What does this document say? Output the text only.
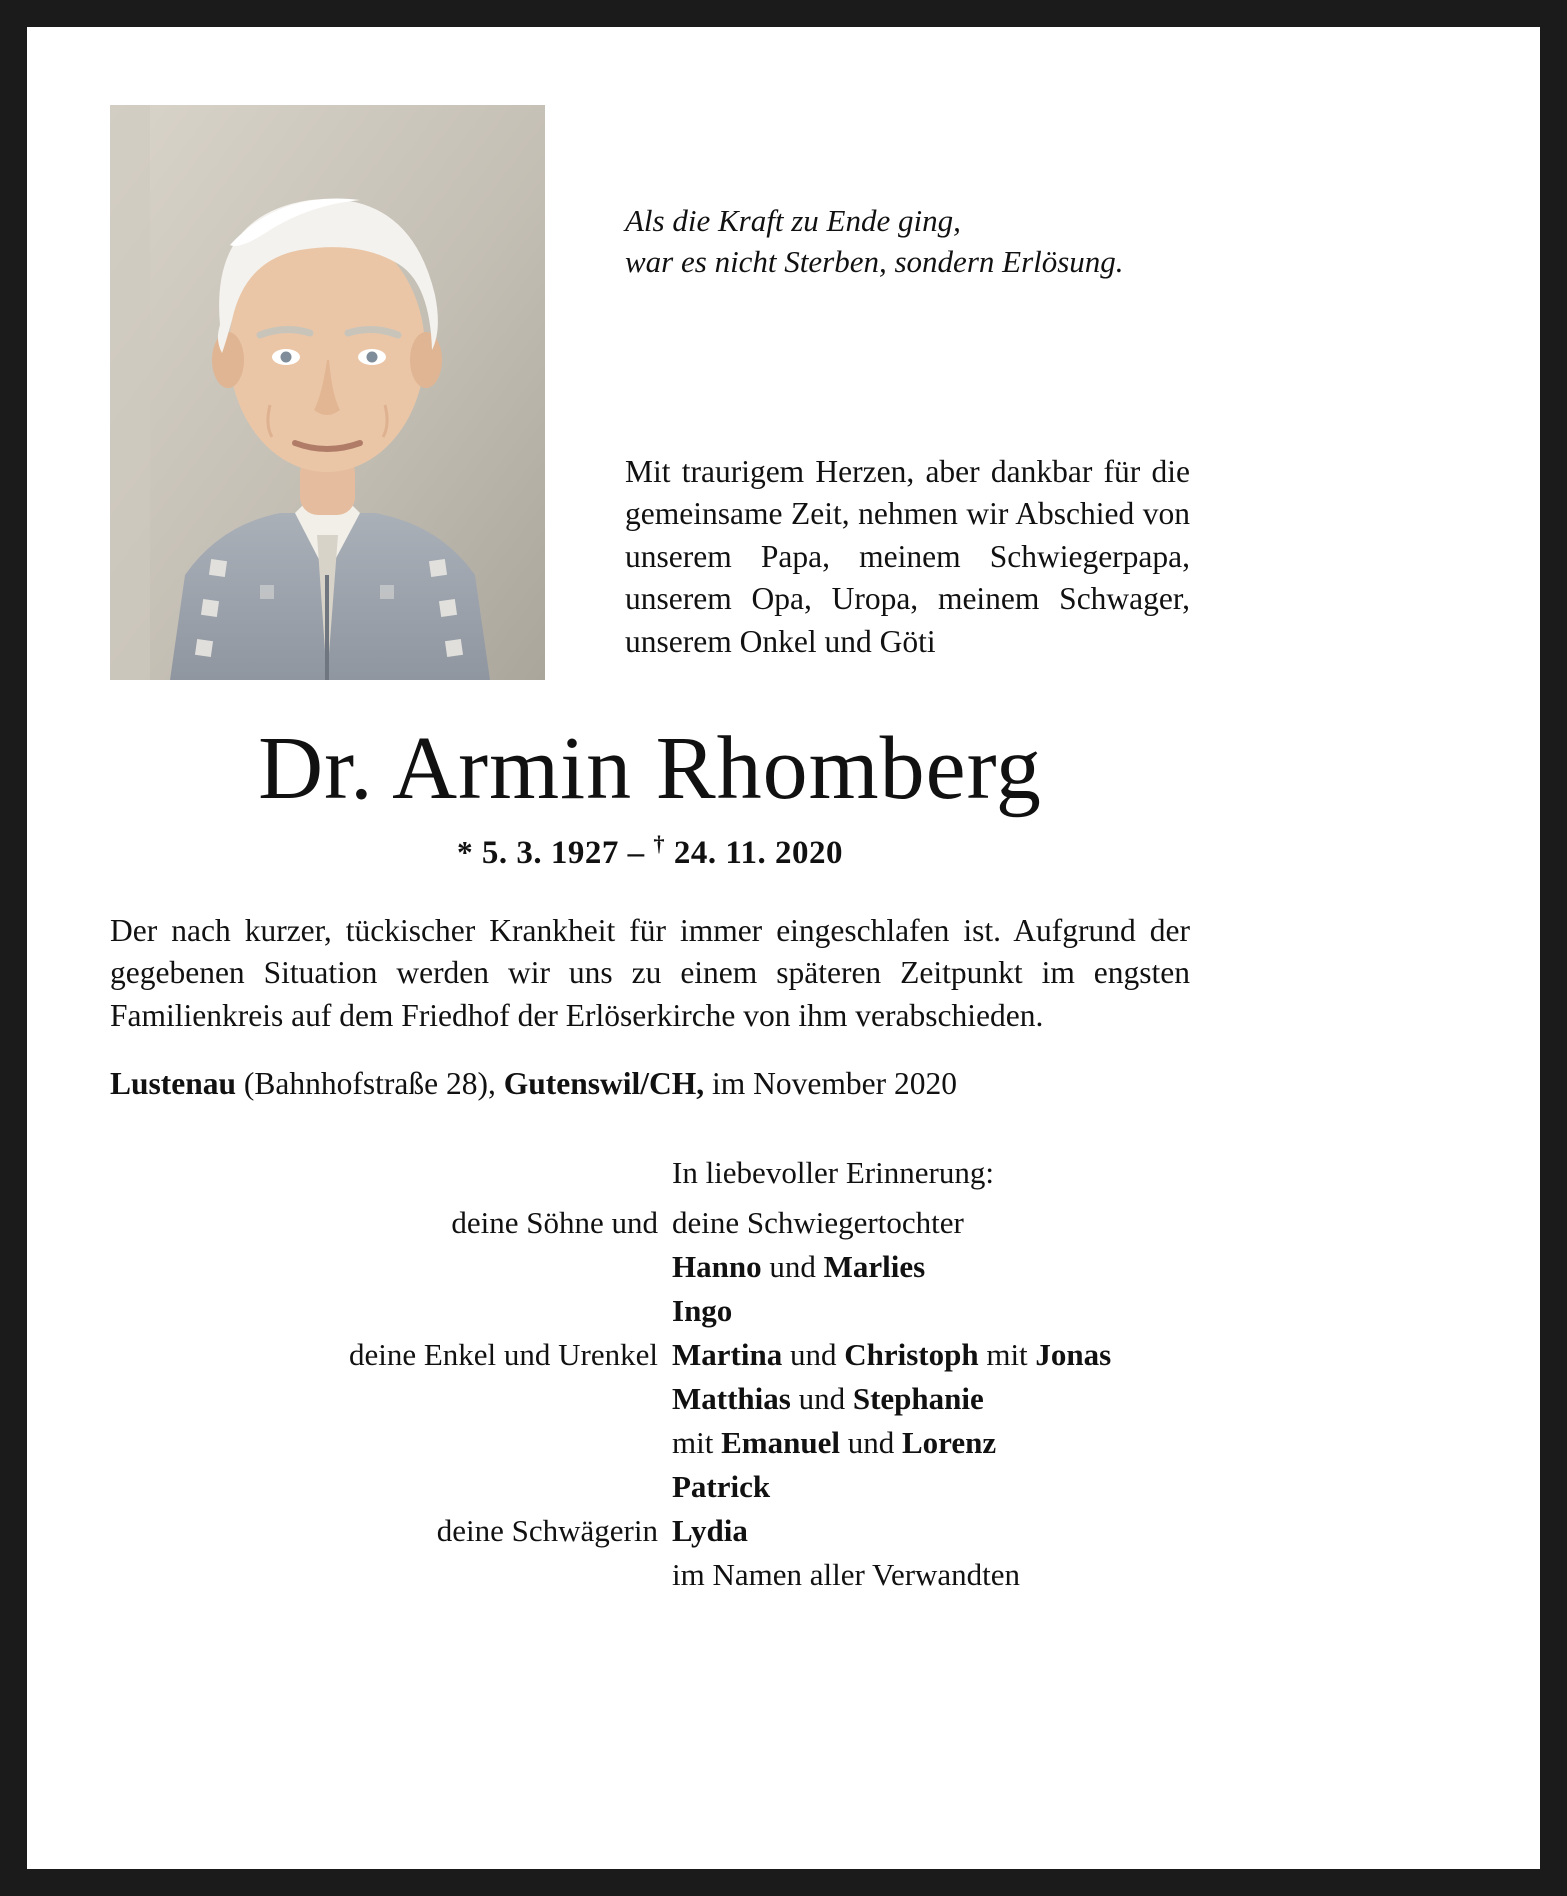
Als die Kraft zu Ende ging,
war es nicht Sterben, sondern Erlösung.

Mit traurigem Herzen, aber dankbar für die gemeinsame Zeit, nehmen wir Abschied von unserem Papa, meinem Schwiegerpapa, unserem Opa, Uropa, meinem Schwager, unserem Onkel und Göti

Dr. Armin Rhomberg

* 5. 3. 1927 – † 24. 11. 2020

Der nach kurzer, tückischer Krankheit für immer eingeschlafen ist. Aufgrund der gegebenen Situation werden wir uns zu einem späteren Zeitpunkt im engsten Familienkreis auf dem Friedhof der Erlöserkirche von ihm verabschieden.

Lustenau (Bahnhofstraße 28), Gutenswil/CH, im November 2020

In liebevoller Erinnerung:
deine Söhne und deine Schwiegertochter
Hanno und Marlies
Ingo
deine Enkel und Urenkel Martina und Christoph mit Jonas
Matthias und Stephanie
mit Emanuel und Lorenz
Patrick
deine Schwägerin Lydia
im Namen aller Verwandten
